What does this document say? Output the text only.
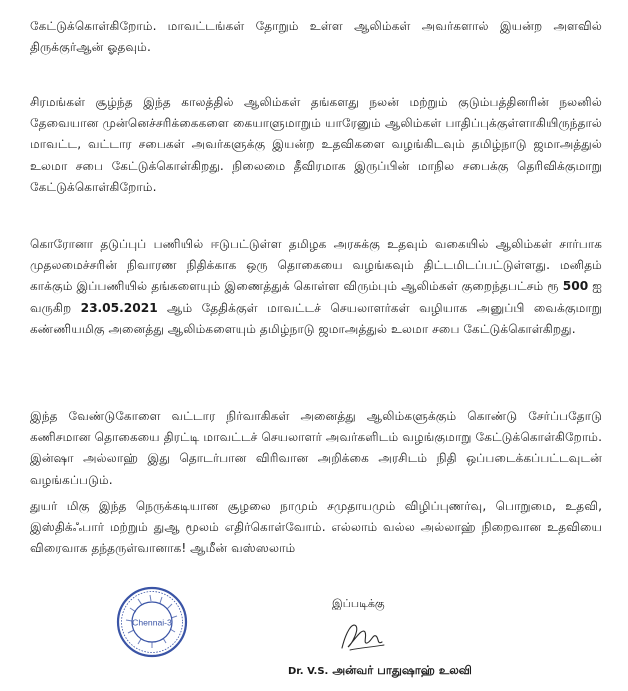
கேட்டுக்கொள்கிறோம். மாவட்டங்கள் தோறும் உள்ள ஆலிம்கள் அவர்களால் இயன்ற அளவில் திருக்குர்ஆன் ஓதவும்.

சிரமங்கள் சூழ்ந்த இந்த காலத்தில் ஆலிம்கள் தங்களது நலன் மற்றும் குடும்பத்தினரின் நலனில் தேவையான முன்னெச்சரிக்கைகளை கையாளுமாறும் யாரேனும் ஆலிம்கள் பாதிப்புக்குள்ளாகியிருந்தால் மாவட்ட, வட்டார சபைகள் அவர்களுக்கு இயன்ற உதவிகளை வழங்கிடவும் தமிழ்நாடு ஜமாஅத்துல் உலமா சபை கேட்டுக்கொள்கிறது. நிலைமை தீவிரமாக இருப்பின் மாநில சபைக்கு தெரிவிக்குமாறு கேட்டுக்கொள்கிறோம்.

கொரோனா தடுப்புப் பணியில் ஈடுபட்டுள்ள தமிழக அரசுக்கு உதவும் வகையில் ஆலிம்கள் சார்பாக முதலமைச்சரின் நிவாரண நிதிக்காக ஒரு தொகையை வழங்கவும் திட்டமிடப்பட்டுள்ளது. மனிதம் காக்கும் இப்பணியில் தங்களையும் இணைத்துக் கொள்ள விரும்பும் ஆலிம்கள் குறைந்தபட்சம் ரூ 500 ஐ வருகிற 23.05.2021 ஆம் தேதிக்குள் மாவட்டச் செயலாளர்கள் வழியாக அனுப்பி வைக்குமாறு கண்ணியமிகு அனைத்து ஆலிம்களையும் தமிழ்நாடு ஜமாஅத்துல் உலமா சபை கேட்டுக்கொள்கிறது.

இந்த வேண்டுகோளை வட்டார நிர்வாகிகள் அனைத்து ஆலிம்களுக்கும் கொண்டு சேர்ப்பதோடு கணிசமான தொகையை திரட்டி மாவட்டச் செயலாளர் அவர்களிடம் வழங்குமாறு கேட்டுக்கொள்கிறோம். இன்ஷா அல்லாஹ் இது தொடர்பான விரிவான அறிக்கை அரசிடம் நிதி ஒப்படைக்கப்பட்டவுடன் வழங்கப்படும்.

துயர் மிகு இந்த நெருக்கடியான சூழலை நாமும் சமுதாயமும் விழிப்புணர்வு, பொறுமை, உதவி, இஸ்திக்ஃபார் மற்றும் துஆ மூலம் எதிர்கொள்வோம். எல்லாம் வல்ல அல்லாஹ் நிறைவான உதவியை விரைவாக தந்தருள்வானாக! ஆமீன் வஸ்ஸலாம்

Chennai-3

இப்படிக்கு

Dr. V.S. அன்வர் பாதுஷாஹ் உலவி
